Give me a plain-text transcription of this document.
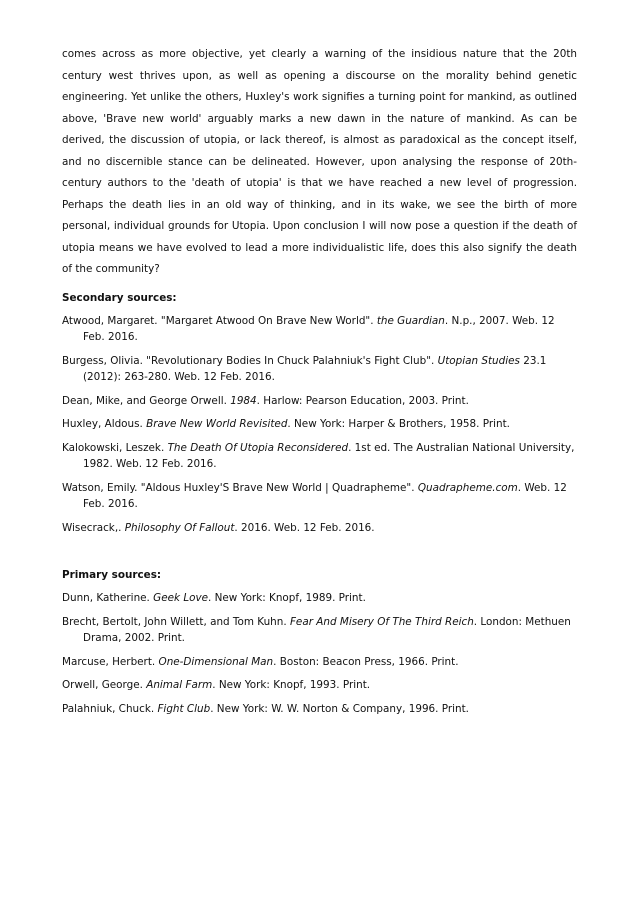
comes across as more objective, yet clearly a warning of the insidious nature that the 20th century west thrives upon, as well as opening a discourse on the morality behind genetic engineering. Yet unlike the others, Huxley's work signifies a turning point for mankind, as outlined above, 'Brave new world' arguably marks a new dawn in the nature of mankind. As can be derived, the discussion of utopia, or lack thereof, is almost as paradoxical as the concept itself, and no discernible stance can be delineated. However, upon analysing the response of 20th-century authors to the 'death of utopia' is that we have reached a new level of progression. Perhaps the death lies in an old way of thinking, and in its wake, we see the birth of more personal, individual grounds for Utopia. Upon conclusion I will now pose a question if the death of utopia means we have evolved to lead a more individualistic life, does this also signify the death of the community?

Secondary sources:

Atwood, Margaret. "Margaret Atwood On Brave New World". the Guardian. N.p., 2007. Web. 12 Feb. 2016.
Burgess, Olivia. "Revolutionary Bodies In Chuck Palahniuk's Fight Club". Utopian Studies 23.1 (2012): 263-280. Web. 12 Feb. 2016.
Dean, Mike, and George Orwell. 1984. Harlow: Pearson Education, 2003. Print.
Huxley, Aldous. Brave New World Revisited. New York: Harper & Brothers, 1958. Print.
Kalokowski, Leszek. The Death Of Utopia Reconsidered. 1st ed. The Australian National University, 1982. Web. 12 Feb. 2016.
Watson, Emily. "Aldous Huxley'S Brave New World | Quadrapheme". Quadrapheme.com. Web. 12 Feb. 2016.
Wisecrack,. Philosophy Of Fallout. 2016. Web. 12 Feb. 2016.

Primary sources:

Dunn, Katherine. Geek Love. New York: Knopf, 1989. Print.
Brecht, Bertolt, John Willett, and Tom Kuhn. Fear And Misery Of The Third Reich. London: Methuen Drama, 2002. Print.
Marcuse, Herbert. One-Dimensional Man. Boston: Beacon Press, 1966. Print.
Orwell, George. Animal Farm. New York: Knopf, 1993. Print.
Palahniuk, Chuck. Fight Club. New York: W. W. Norton & Company, 1996. Print.
